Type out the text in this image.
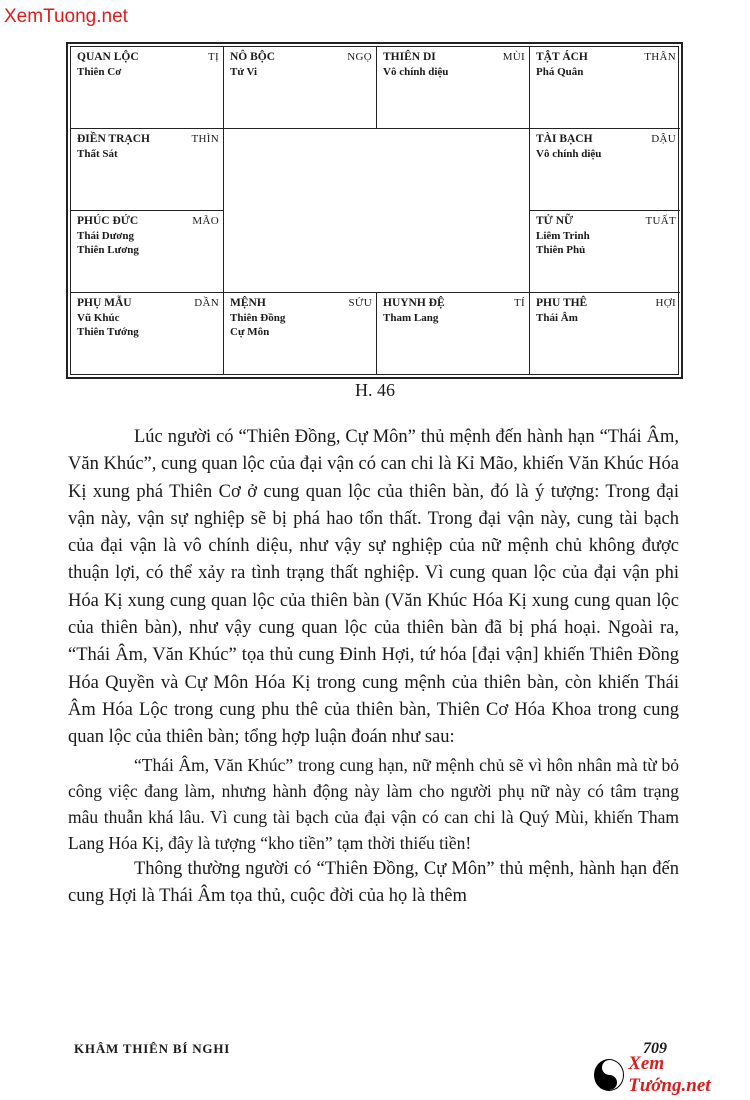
XemTuong.net
QUAN LỘC	TỊ
Thiên Cơ
NÔ BỘC	NGỌ
Tử Vi
THIÊN DI	MÙI
Vô chính diệu
TẬT ÁCH	THÂN
Phá Quân
ĐIỀN TRẠCH	THÌN
Thất Sát
TÀI BẠCH	DẬU
Vô chính diệu
PHÚC ĐỨC	MÃO
Thái Dương
Thiên Lương
TỬ NỮ	TUẤT
Liêm Trinh
Thiên Phủ
PHỤ MẪU	DẦN
Vũ Khúc
Thiên Tướng
MỆNH	SỬU
Thiên Đồng
Cự Môn
HUYNH ĐỆ	TÍ
Tham Lang
PHU THÊ	HỢI
Thái Âm
H. 46

Lúc người có “Thiên Đồng, Cự Môn” thủ mệnh đến hành hạn “Thái Âm, Văn Khúc”, cung quan lộc của đại vận có can chi là Kỉ Mão, khiến Văn Khúc Hóa Kị xung phá Thiên Cơ ở cung quan lộc của thiên bàn, đó là ý tượng: Trong đại vận này, vận sự nghiệp sẽ bị phá hao tổn thất. Trong đại vận này, cung tài bạch của đại vận là vô chính diệu, như vậy sự nghiệp của nữ mệnh chủ không được thuận lợi, có thể xảy ra tình trạng thất nghiệp. Vì cung quan lộc của đại vận phi Hóa Kị xung cung quan lộc của thiên bàn (Văn Khúc Hóa Kị xung cung quan lộc của thiên bàn), như vậy cung quan lộc của thiên bàn đã bị phá hoại. Ngoài ra, “Thái Âm, Văn Khúc” tọa thủ cung Đinh Hợi, tứ hóa [đại vận] khiến Thiên Đồng Hóa Quyền và Cự Môn Hóa Kị trong cung mệnh của thiên bàn, còn khiến Thái Âm Hóa Lộc trong cung phu thê của thiên bàn, Thiên Cơ Hóa Khoa trong cung quan lộc của thiên bàn; tổng hợp luận đoán như sau:

“Thái Âm, Văn Khúc” trong cung hạn, nữ mệnh chủ sẽ vì hôn nhân mà từ bỏ công việc đang làm, nhưng hành động này làm cho người phụ nữ này có tâm trạng mâu thuẫn khá lâu. Vì cung tài bạch của đại vận có can chi là Quý Mùi, khiến Tham Lang Hóa Kị, đây là tượng “kho tiền” tạm thời thiếu tiền!

Thông thường người có “Thiên Đồng, Cự Môn” thủ mệnh, hành hạn đến cung Hợi là Thái Âm tọa thủ, cuộc đời của họ là thêm

KHÂM THIÊN BÍ NGHI	709
Xem Tướng.net
